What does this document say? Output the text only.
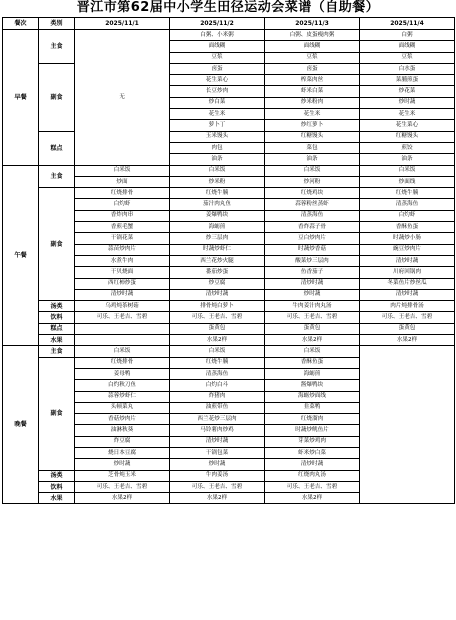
晋江市第62届中小学生田径运动会菜谱（自助餐）
餐次	类别	2025/11/1	2025/11/2	2025/11/3	2025/11/4
早餐	主食	无	白粥、小米粥	白粥、皮蛋瘦肉粥	白粥
			面线糊	面线糊	面线糊
			豆浆	豆浆	豆浆
	副食		卤蛋	卤蛋	白水蛋
			花生菜心	榨菜肉丝	菜脯煎蛋
			长豆炒肉	虾米白菜	炒花菜
			炒白菜	炒米粉肉	炒时蔬
			花生米	花生米	花生米
			萝卜丁	炒红萝卜	花生菜心
	糕点		玉米馒头	红糖馒头	红糖馒头
			肉包	菜包	煎饺
			油条	油条	油条
午餐	主食	白米饭	白米饭	白米饭	白米饭
		炒面	炒米粉	炒河粉	炒面线
	副食	红烧排骨	红烧牛腩	红烧鸡块	红烧牛腩
		白灼虾	茄汁肉丸鱼	蒜蓉粉丝蒸虾	清蒸海鱼
		香炸肉串	姜爆鸭块	清蒸海鱼	白灼虾
		香煎毛蟹	海蛎煎	香炸蒜子骨	香酥鱼蛋
		干锅花菜	炒三层肉	豆白炒肉片	时蔬炒小肠
		蒜苗炒肉片	时蔬炒虾仁	时蔬炒香菇	豌豆炒肉片
		水煮牛肉	西兰花炒火腿	酸菜炒三层肉	清炒时蔬
		干贝烧面	番茄炒蛋	鱼香茄子	川府回锅肉
		西红柿炒蛋	炒豆腐	清炒时蔬	冬菜鱼片炒丝瓜
		清炒时蔬	清炒时蔬	炒时蔬	清炒时蔬
	汤类	乌鸡炖茶树菇	排骨炖白萝卜	牛肉姜汁肉丸汤	肉片炖排骨汤
	饮料	可乐、王老吉、雪碧	可乐、王老吉、雪碧	可乐、王老吉、雪碧	可乐、王老吉、雪碧
	糕点		蛋黄包	蛋黄包	蛋黄包
	水果		水果2样	水果2样	水果2样
晚餐	主食	白米饭	白米饭	白米饭	
	副食	红烧排骨	红烧牛腩	香酥鱼蛋	
		姜母鸭	清蒸海鱼	海蛎煎	
		白灼秋刀鱼	白灼白斗	酱爆鸭块	
		蒜蓉炒虾仁	炸猪肉	海蛎炒面线	
		头顿菜丸	油煎带鱼	韭菜鸭	
		香菇炒肉片	西兰花炒三层肉	红烧溜肉	
		油淋秋葵	马铃薯肉炒鸡	时蔬炒鱿鱼片	
		炸豆腐	清炒时蔬	芽菜炒鸡肉	
		烧日本豆腐	干锅包菜	虾米炒白菜	
		炒时蔬	炒时蔬	清炒时蔬	
	汤类	芝骨炖玉米	牛肉姜汤	红烧肉丸汤	
	饮料	可乐、王老吉、雪碧	可乐、王老吉、雪碧	可乐、王老吉、雪碧	
	水果	水果2样	水果2样	水果2样	
